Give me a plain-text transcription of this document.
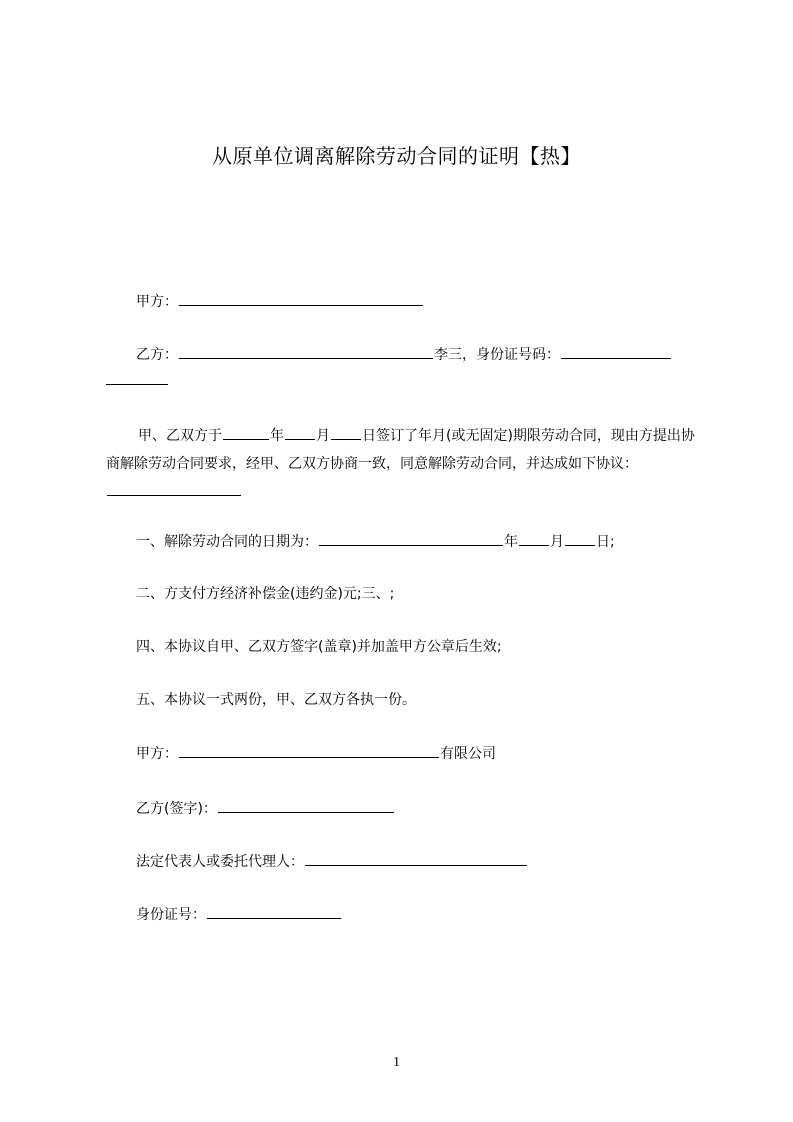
从原单位调离解除劳动合同的证明【热】
甲方：
乙方：	李三，身份证号码：
甲、乙双方于	年 月 日签订了年月(或无固定)期限劳动合同，现由方提出协商解除劳动合同要求，经甲、乙双方协商一致，同意解除劳动合同，并达成如下协议：
一、解除劳动合同的日期为：	年 月 日;
二、方支付方经济补偿金(违约金)元;三、;
四、本协议自甲、乙双方签字(盖章)并加盖甲方公章后生效;
五、本协议一式两份，甲、乙双方各执一份。
甲方：	有限公司
乙方(签字)：
法定代表人或委托代理人：
身份证号：
1
